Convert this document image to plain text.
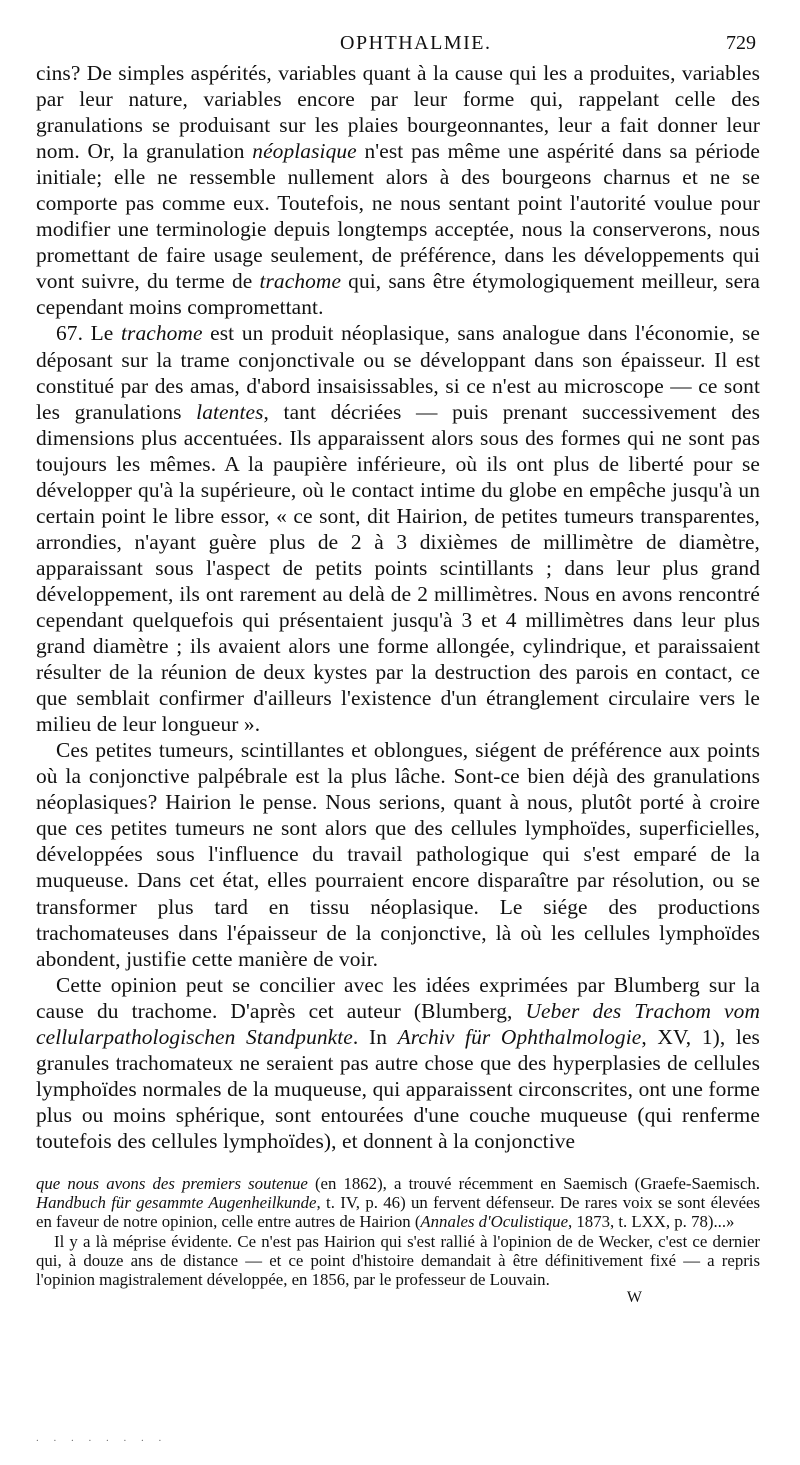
OPHTHALMIE.	729

cins? De simples aspérités, variables quant à la cause qui les a produites, variables par leur nature, variables encore par leur forme qui, rappelant celle des granulations se produisant sur les plaies bourgeonnantes, leur a fait donner leur nom. Or, la granulation néoplasique n'est pas même une aspérité dans sa période initiale; elle ne ressemble nullement alors à des bourgeons charnus et ne se comporte pas comme eux. Toutefois, ne nous sentant point l'autorité voulue pour modifier une terminologie depuis longtemps acceptée, nous la conserverons, nous promettant de faire usage seulement, de préférence, dans les développements qui vont suivre, du terme de trachome qui, sans être étymologiquement meilleur, sera cependant moins compromettant.

67. Le trachome est un produit néoplasique, sans analogue dans l'économie, se déposant sur la trame conjonctivale ou se développant dans son épaisseur. Il est constitué par des amas, d'abord insaisissables, si ce n'est au microscope — ce sont les granulations latentes, tant décriées — puis prenant successivement des dimensions plus accentuées. Ils apparaissent alors sous des formes qui ne sont pas toujours les mêmes. A la paupière inférieure, où ils ont plus de liberté pour se développer qu'à la supérieure, où le contact intime du globe en empêche jusqu'à un certain point le libre essor, « ce sont, dit Hairion, de petites tumeurs transparentes, arrondies, n'ayant guère plus de 2 à 3 dixièmes de millimètre de diamètre, apparaissant sous l'aspect de petits points scintillants ; dans leur plus grand développement, ils ont rarement au delà de 2 millimètres. Nous en avons rencontré cependant quelquefois qui présentaient jusqu'à 3 et 4 millimètres dans leur plus grand diamètre ; ils avaient alors une forme allongée, cylindrique, et paraissaient résulter de la réunion de deux kystes par la destruction des parois en contact, ce que semblait confirmer d'ailleurs l'existence d'un étranglement circulaire vers le milieu de leur longueur ».

Ces petites tumeurs, scintillantes et oblongues, siégent de préférence aux points où la conjonctive palpébrale est la plus lâche. Sont-ce bien déjà des granulations néoplasiques? Hairion le pense. Nous serions, quant à nous, plutôt porté à croire que ces petites tumeurs ne sont alors que des cellules lymphoïdes, superficielles, développées sous l'influence du travail pathologique qui s'est emparé de la muqueuse. Dans cet état, elles pourraient encore disparaître par résolution, ou se transformer plus tard en tissu néoplasique. Le siége des productions trachomateuses dans l'épaisseur de la conjonctive, là où les cellules lymphoïdes abondent, justifie cette manière de voir.

Cette opinion peut se concilier avec les idées exprimées par Blumberg sur la cause du trachome. D'après cet auteur (Blumberg, Ueber des Trachom vom cellularpathologischen Standpunkte. In Archiv für Ophthalmologie, XV, 1), les granules trachomateux ne seraient pas autre chose que des hyperplasies de cellules lymphoïdes normales de la muqueuse, qui apparaissent circonscrites, ont une forme plus ou moins sphérique, sont entourées d'une couche muqueuse (qui renferme toutefois des cellules lymphoïdes), et donnent à la conjonctive

que nous avons des premiers soutenue (en 1862), a trouvé récemment en Saemisch (Graefe-Saemisch. Handbuch für gesammte Augenheilkunde, t. IV, p. 46) un fervent défenseur. De rares voix se sont élevées en faveur de notre opinion, celle entre autres de Hairion (Annales d'Oculistique, 1873, t. LXX, p. 78)...»

Il y a là méprise évidente. Ce n'est pas Hairion qui s'est rallié à l'opinion de de Wecker, c'est ce dernier qui, à douze ans de distance — et ce point d'histoire demandait à être définitivement fixé — a repris l'opinion magistralement développée, en 1856, par le professeur de Louvain.

W
. . . . . . . .
